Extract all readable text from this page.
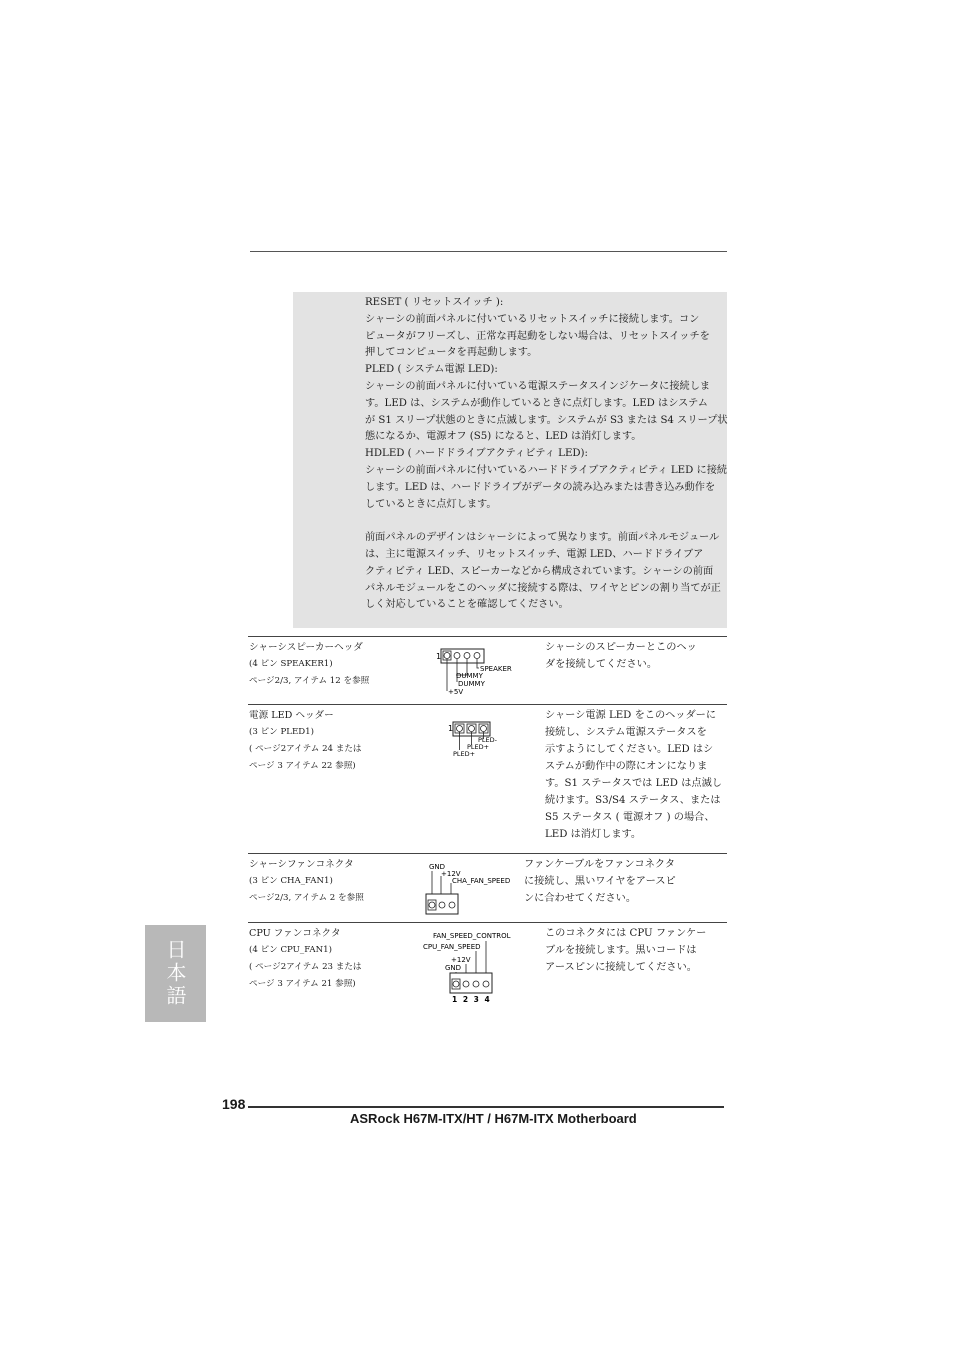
RESET ( リセットスイッチ ):
シャーシの前面パネルに付いているリセットスイッチに接続します。コン
ピュータがフリーズし、正常な再起動をしない場合は、リセットスイッチを
押してコンピュータを再起動します。
PLED ( システム電源 LED):
シャーシの前面パネルに付いている電源ステータスインジケータに接続しま
す。LED は、システムが動作しているときに点灯します。LED はシステム
が S1 スリープ状態のときに点滅します。システムが S3 または S4 スリープ状
態になるか、電源オフ (S5) になると、LED は消灯します。
HDLED ( ハードドライブアクティビティ LED):
シャーシの前面パネルに付いているハードドライブアクティビティ LED に接続
します。LED は、ハードドライブがデータの読み込みまたは書き込み動作を
しているときに点灯します。
前面パネルのデザインはシャーシによって異なります。前面パネルモジュール
は、主に電源スイッチ、リセットスイッチ、電源 LED、ハードドライブア
クティビティ LED、スピーカーなどから構成されています。シャーシの前面
パネルモジュールをこのヘッダに接続する際は、ワイヤとピンの割り当てが正
しく対応していることを確認してください。
シャーシスピーカーヘッダ
(4 ピン SPEAKER1)
ページ2/3, アイテム 12 を参照
1
SPEAKER
DUMMY
DUMMY
+5V
シャーシのスピーカーとこのヘッ
ダを接続してください。
電源 LED ヘッダー
(3 ピン PLED1)
( ページ2アイテム 24 または
ページ 3 アイテム 22 参照)
1
PLED-
PLED+
PLED+
シャーシ電源 LED をこのヘッダーに
接続し、システム電源ステータスを
示すようにしてください。LED はシ
ステムが動作中の際にオンになりま
す。S1 ステータスでは LED は点滅し
続けます。S3/S4 ステータス、または
S5 ステータス ( 電源オフ ) の場合、
LED は消灯します。
シャーシファンコネクタ
(3 ピン CHA_FAN1)
ページ2/3, アイテム 2 を参照
GND
+12V
CHA_FAN_SPEED
ファンケーブルをファンコネクタ
に接続し、黒いワイヤをアースピ
ンに合わせてください。
CPU ファンコネクタ
(4 ピン CPU_FAN1)
( ページ2アイテム 23 または
ページ 3 アイテム 21 参照)
FAN_SPEED_CONTROL
CPU_FAN_SPEED
+12V
GND
1 2 3 4
このコネクタには CPU ファンケー
ブルを接続します。黒いコードは
アースピンに接続してください。
日本語
198
ASRock H67M-ITX/HT / H67M-ITX Motherboard
